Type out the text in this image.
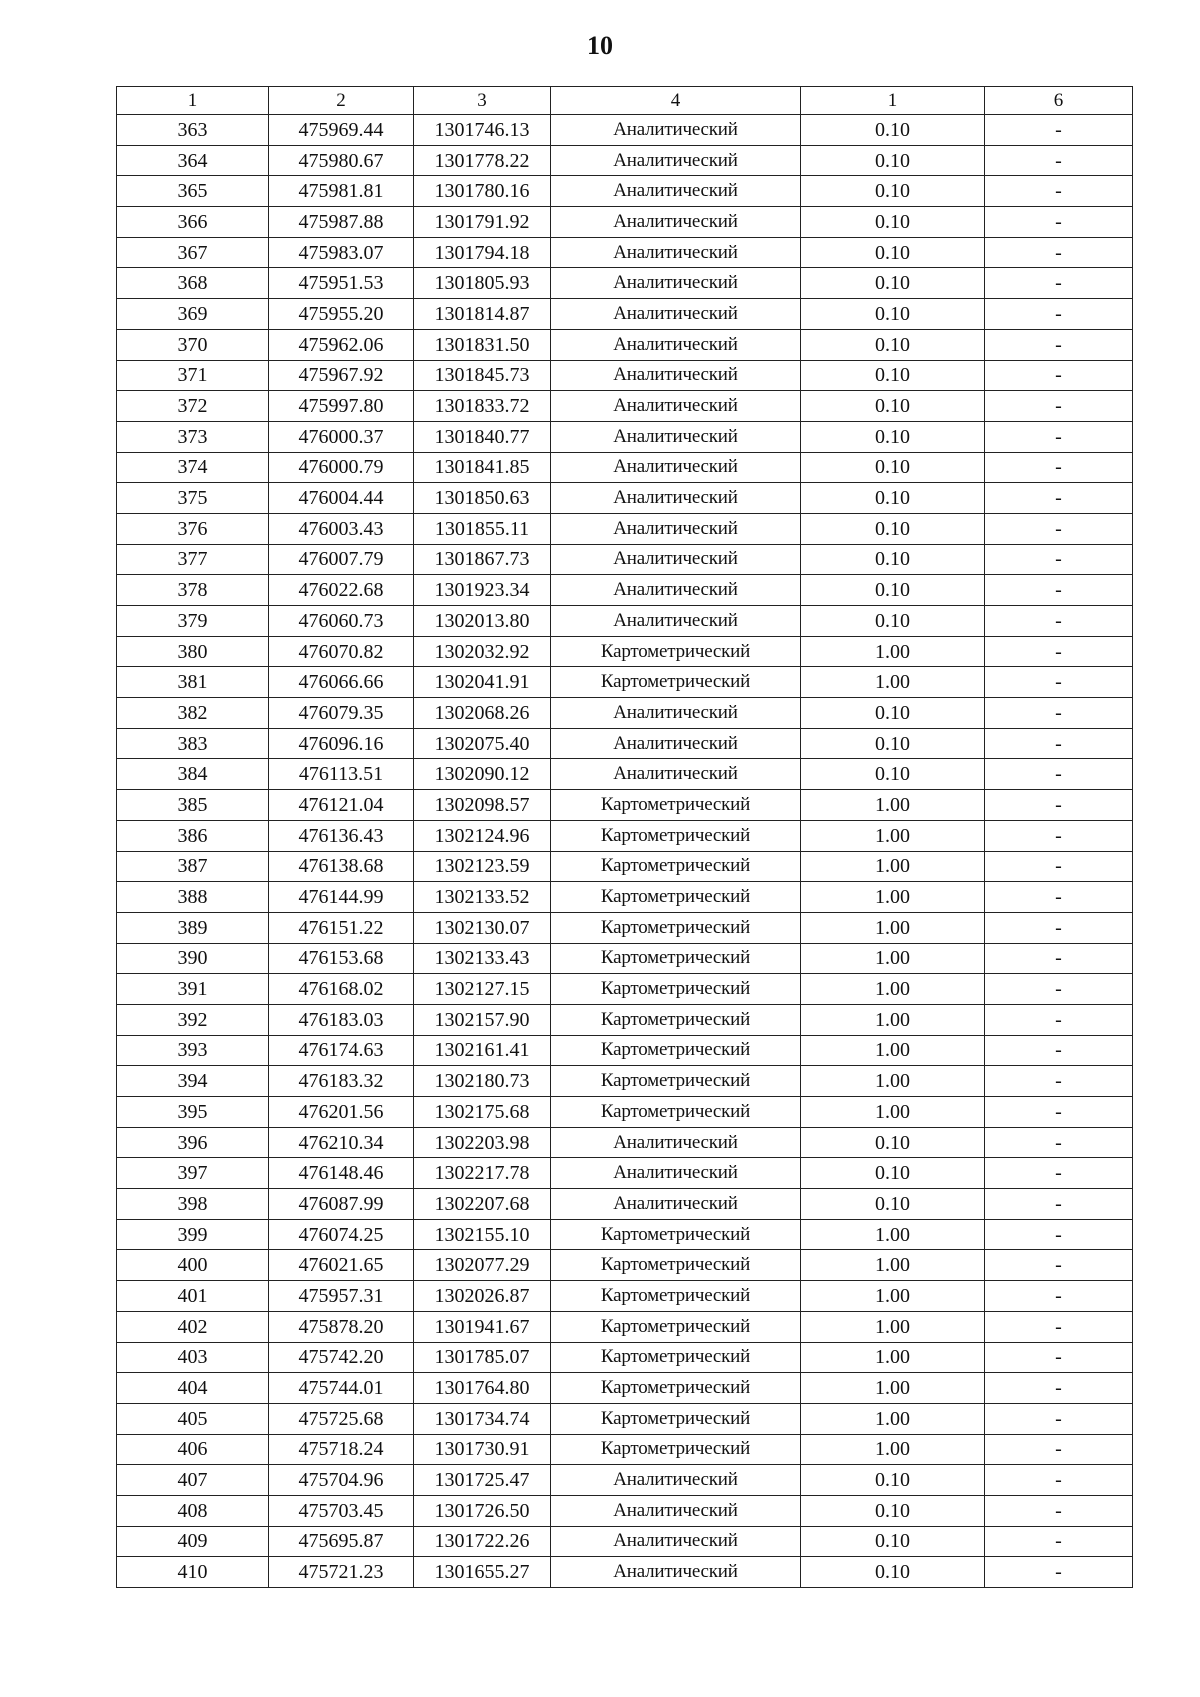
10
1	2	3	4	1	6
363	475969.44	1301746.13	Аналитический	0.10	-
364	475980.67	1301778.22	Аналитический	0.10	-
365	475981.81	1301780.16	Аналитический	0.10	-
366	475987.88	1301791.92	Аналитический	0.10	-
367	475983.07	1301794.18	Аналитический	0.10	-
368	475951.53	1301805.93	Аналитический	0.10	-
369	475955.20	1301814.87	Аналитический	0.10	-
370	475962.06	1301831.50	Аналитический	0.10	-
371	475967.92	1301845.73	Аналитический	0.10	-
372	475997.80	1301833.72	Аналитический	0.10	-
373	476000.37	1301840.77	Аналитический	0.10	-
374	476000.79	1301841.85	Аналитический	0.10	-
375	476004.44	1301850.63	Аналитический	0.10	-
376	476003.43	1301855.11	Аналитический	0.10	-
377	476007.79	1301867.73	Аналитический	0.10	-
378	476022.68	1301923.34	Аналитический	0.10	-
379	476060.73	1302013.80	Аналитический	0.10	-
380	476070.82	1302032.92	Картометрический	1.00	-
381	476066.66	1302041.91	Картометрический	1.00	-
382	476079.35	1302068.26	Аналитический	0.10	-
383	476096.16	1302075.40	Аналитический	0.10	-
384	476113.51	1302090.12	Аналитический	0.10	-
385	476121.04	1302098.57	Картометрический	1.00	-
386	476136.43	1302124.96	Картометрический	1.00	-
387	476138.68	1302123.59	Картометрический	1.00	-
388	476144.99	1302133.52	Картометрический	1.00	-
389	476151.22	1302130.07	Картометрический	1.00	-
390	476153.68	1302133.43	Картометрический	1.00	-
391	476168.02	1302127.15	Картометрический	1.00	-
392	476183.03	1302157.90	Картометрический	1.00	-
393	476174.63	1302161.41	Картометрический	1.00	-
394	476183.32	1302180.73	Картометрический	1.00	-
395	476201.56	1302175.68	Картометрический	1.00	-
396	476210.34	1302203.98	Аналитический	0.10	-
397	476148.46	1302217.78	Аналитический	0.10	-
398	476087.99	1302207.68	Аналитический	0.10	-
399	476074.25	1302155.10	Картометрический	1.00	-
400	476021.65	1302077.29	Картометрический	1.00	-
401	475957.31	1302026.87	Картометрический	1.00	-
402	475878.20	1301941.67	Картометрический	1.00	-
403	475742.20	1301785.07	Картометрический	1.00	-
404	475744.01	1301764.80	Картометрический	1.00	-
405	475725.68	1301734.74	Картометрический	1.00	-
406	475718.24	1301730.91	Картометрический	1.00	-
407	475704.96	1301725.47	Аналитический	0.10	-
408	475703.45	1301726.50	Аналитический	0.10	-
409	475695.87	1301722.26	Аналитический	0.10	-
410	475721.23	1301655.27	Аналитический	0.10	-
